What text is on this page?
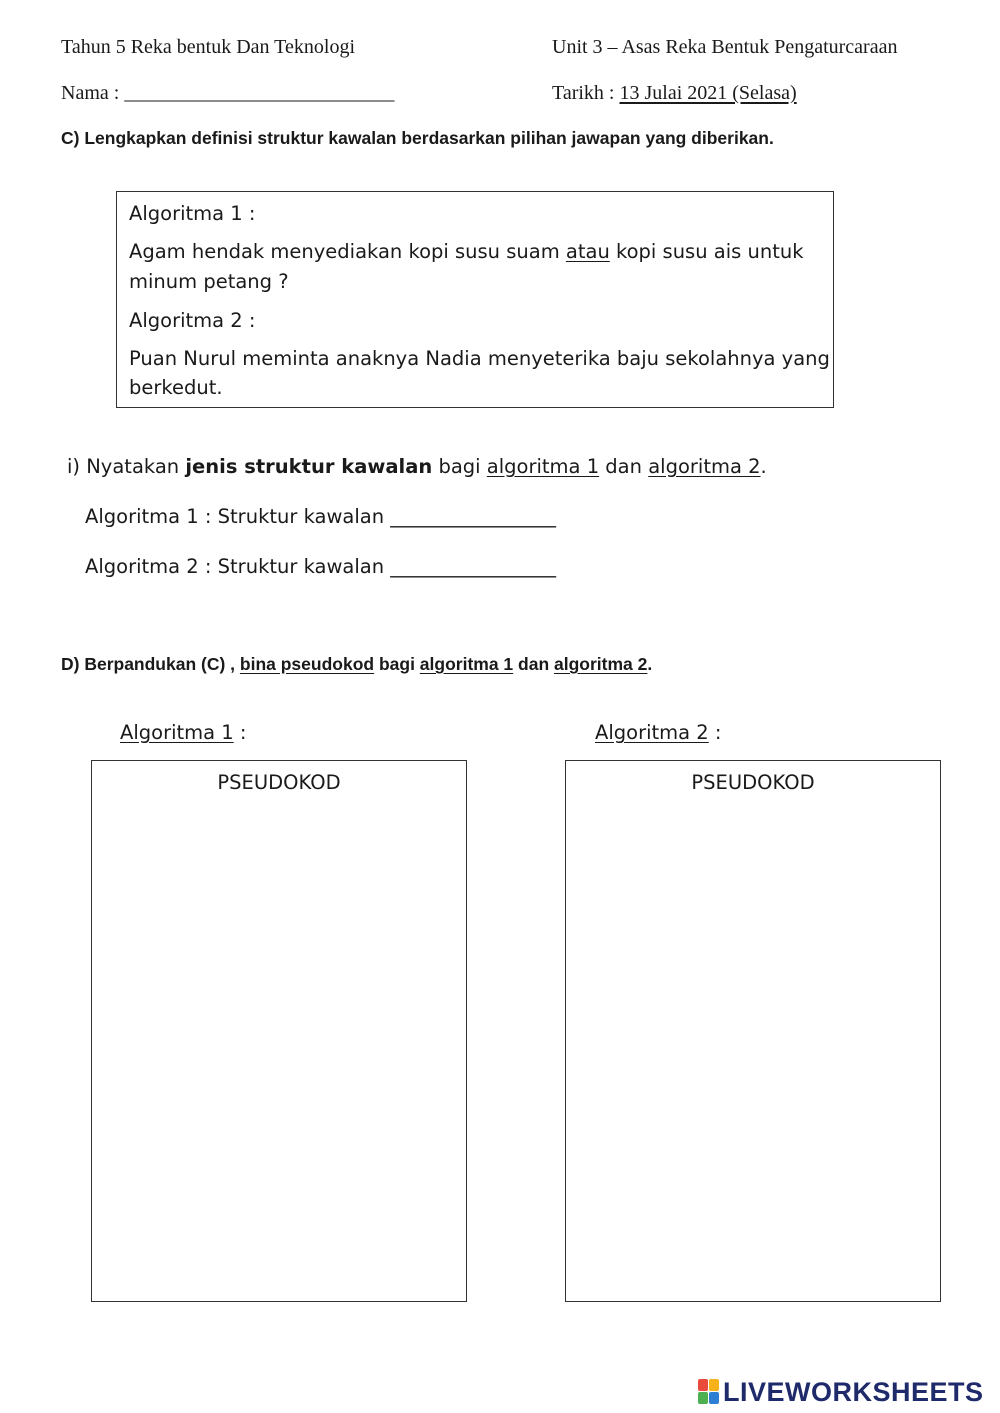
Tahun 5 Reka bentuk Dan Teknologi	Unit 3 – Asas Reka Bentuk Pengaturcaraan
Nama : ___________________________	Tarikh : 13 Julai 2021 (Selasa)
C) Lengkapkan definisi struktur kawalan berdasarkan pilihan jawapan yang diberikan.
Algoritma 1 :
Agam hendak menyediakan kopi susu suam atau kopi susu ais untuk
minum petang ?
Algoritma 2 :
Puan Nurul meminta anaknya Nadia menyeterika baju sekolahnya yang
berkedut.
i) Nyatakan jenis struktur kawalan bagi algoritma 1 dan algoritma 2.
Algoritma 1 : Struktur kawalan _________________
Algoritma 2 : Struktur kawalan _________________
D) Berpandukan (C) , bina pseudokod bagi algoritma 1 dan algoritma 2.
Algoritma 1 :	Algoritma 2 :
PSEUDOKOD	PSEUDOKOD
LIVEWORKSHEETS
